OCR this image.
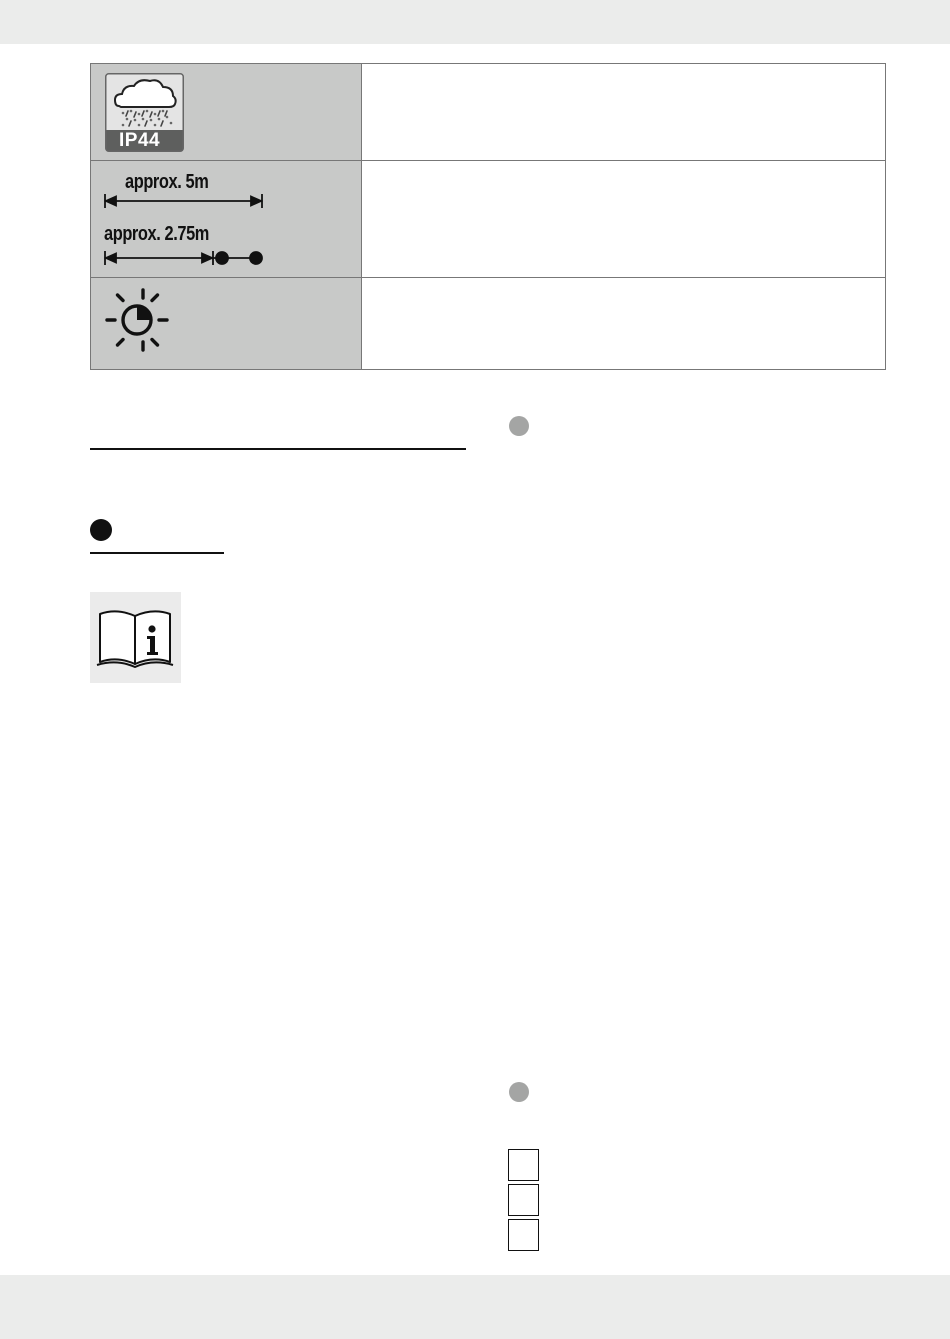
IP44
approx. 5m
approx. 2.75m
